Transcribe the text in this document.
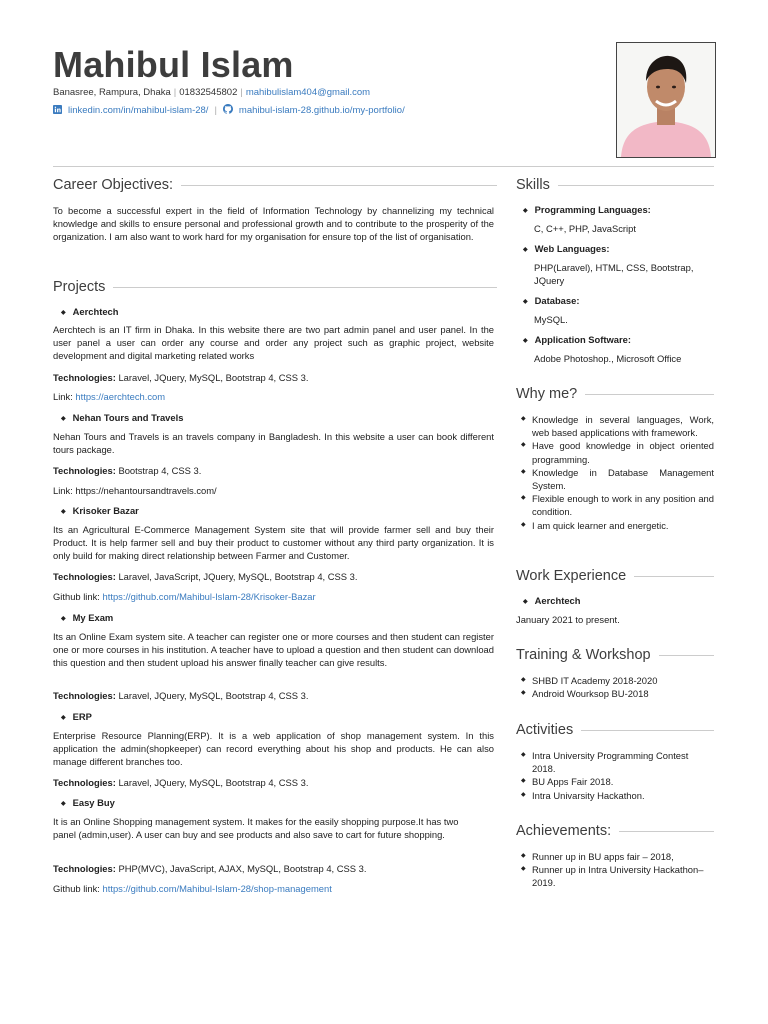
Mahibul Islam
Banasree, Rampura, Dhaka | 01832545802 | mahibulislam404@gmail.com
linkedin.com/in/mahibul-islam-28/ | mahibul-islam-28.github.io/my-portfolio/
Career Objectives:
To become a successful expert in the field of Information Technology by channelizing my technical knowledge and skills to ensure personal and professional growth and to contribute to the prosperity of the organization. I am also want to work hard for my organisation for ensure top of the list of organisation.
Projects
◆ Aerchtech
Aerchtech is an IT firm in Dhaka. In this website there are two part admin panel and user panel. In the user panel a user can order any course and order any project such as graphic project, website development and digital marketing related works
Technologies: Laravel, JQuery, MySQL, Bootstrap 4, CSS 3.
Link: https://aerchtech.com
◆ Nehan Tours and Travels
Nehan Tours and Travels is an travels company in Bangladesh. In this website a user can book different tours package.
Technologies: Bootstrap 4, CSS 3.
Link: https://nehantoursandtravels.com/
◆ Krisoker Bazar
Its an Agricultural E-Commerce Management System site that will provide farmer sell and buy their Product. It is help farmer sell and buy their product to customer without any third party organization. It is only build for making direct relationship between Farmer and Customer.
Technologies: Laravel, JavaScript, JQuery, MySQL, Bootstrap 4, CSS 3.
Github link: https://github.com/Mahibul-Islam-28/Krisoker-Bazar
◆ My Exam
Its an Online Exam system site. A teacher can register one or more courses and then student can register one or more courses in his institution. A teacher have to upload a question and then student can download this question and then student upload his answer finally teacher can give results.
Technologies: Laravel, JQuery, MySQL, Bootstrap 4, CSS 3.
◆ ERP
Enterprise Resource Planning(ERP). It is a web application of shop management system. In this application the admin(shopkeeper) can record everything about his shop and products. He can also manage different branches too.
Technologies: Laravel, JQuery, MySQL, Bootstrap 4, CSS 3.
◆ Easy Buy
It is an Online Shopping management system. It makes for the easily shopping purpose.It has two panel (admin,user). A user can buy and see products and also save to cart for future shopping.
Technologies: PHP(MVC), JavaScript, AJAX, MySQL, Bootstrap 4, CSS 3.
Github link: https://github.com/Mahibul-Islam-28/shop-management
Skills
◆ Programming Languages:
C, C++, PHP, JavaScript
◆ Web Languages:
PHP(Laravel), HTML, CSS, Bootstrap, JQuery
◆ Database:
MySQL.
◆ Application Software:
Adobe Photoshop., Microsoft Office
Why me?
◆ Knowledge in several languages, Work, web based applications with framework.
◆ Have good knowledge in object oriented programming.
◆ Knowledge in Database Management System.
◆ Flexible enough to work in any position and condition.
◆ I am quick learner and energetic.
Work Experience
◆ Aerchtech
January 2021 to present.
Training & Workshop
◆ SHBD IT Academy 2018-2020
◆ Android Wourksop BU-2018
Activities
◆ Intra University Programming Contest 2018.
◆ BU Apps Fair 2018.
◆ Intra Univarsity Hackathon.
Achievements:
◆ Runner up in BU apps fair – 2018,
◆ Runner up in Intra University Hackathon–2019.
